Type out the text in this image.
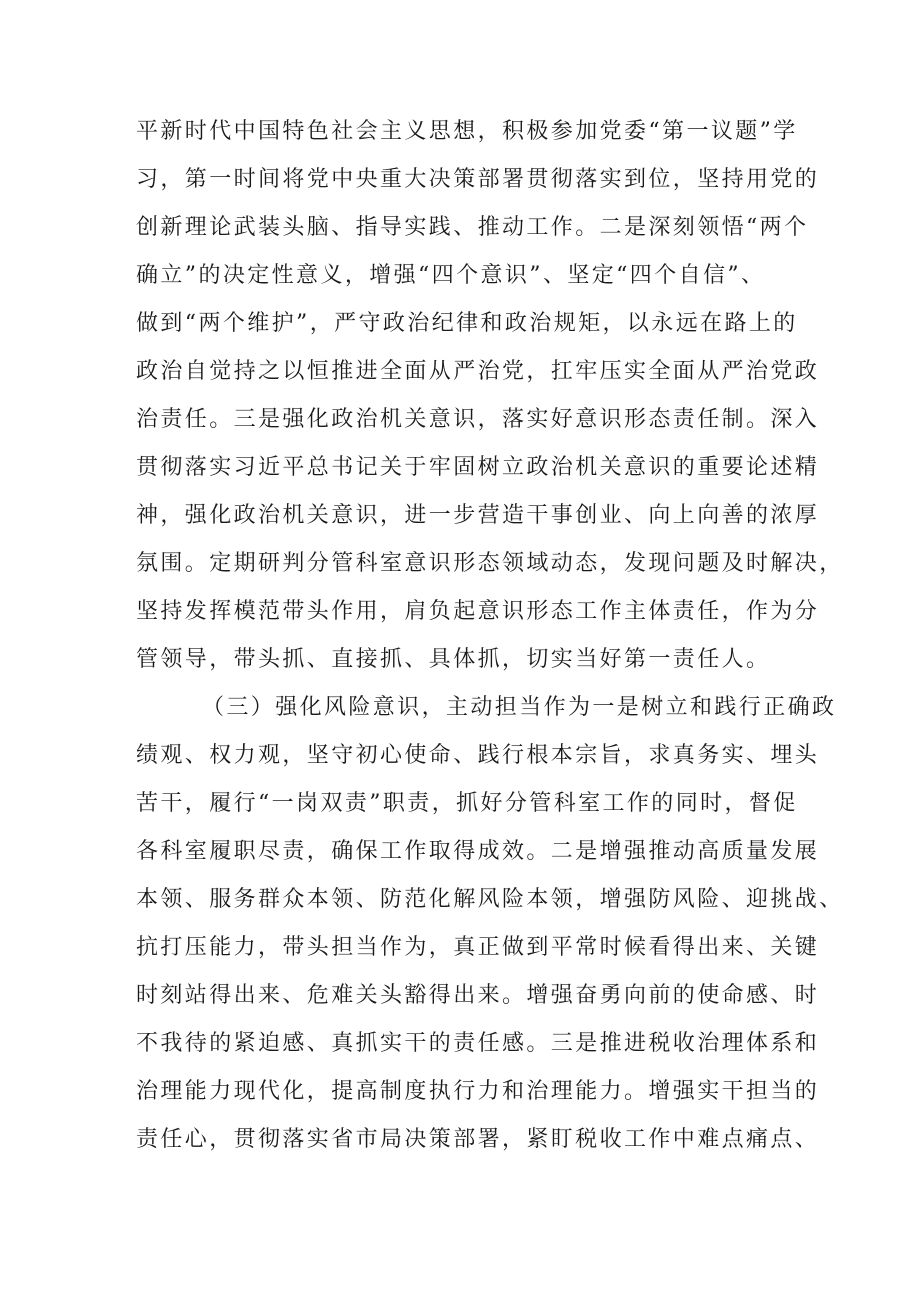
平新时代中国特色社会主义思想，积极参加党委“第一议题”学
习，第一时间将党中央重大决策部署贯彻落实到位，坚持用党的
创新理论武装头脑、指导实践、推动工作。二是深刻领悟“两个
确立”的决定性意义，增强“四个意识”、坚定“四个自信”、
做到“两个维护”，严守政治纪律和政治规矩，以永远在路上的
政治自觉持之以恒推进全面从严治党，扛牢压实全面从严治党政
治责任。三是强化政治机关意识，落实好意识形态责任制。深入
贯彻落实习近平总书记关于牢固树立政治机关意识的重要论述精
神，强化政治机关意识，进一步营造干事创业、向上向善的浓厚
氛围。定期研判分管科室意识形态领域动态，发现问题及时解决，
坚持发挥模范带头作用，肩负起意识形态工作主体责任，作为分
管领导，带头抓、直接抓、具体抓，切实当好第一责任人。
（三）强化风险意识，主动担当作为一是树立和践行正确政
绩观、权力观，坚守初心使命、践行根本宗旨，求真务实、埋头
苦干，履行“一岗双责”职责，抓好分管科室工作的同时，督促
各科室履职尽责，确保工作取得成效。二是增强推动高质量发展
本领、服务群众本领、防范化解风险本领，增强防风险、迎挑战、
抗打压能力，带头担当作为，真正做到平常时候看得出来、关键
时刻站得出来、危难关头豁得出来。增强奋勇向前的使命感、时
不我待的紧迫感、真抓实干的责任感。三是推进税收治理体系和
治理能力现代化，提高制度执行力和治理能力。增强实干担当的
责任心，贯彻落实省市局决策部署，紧盯税收工作中难点痛点、
